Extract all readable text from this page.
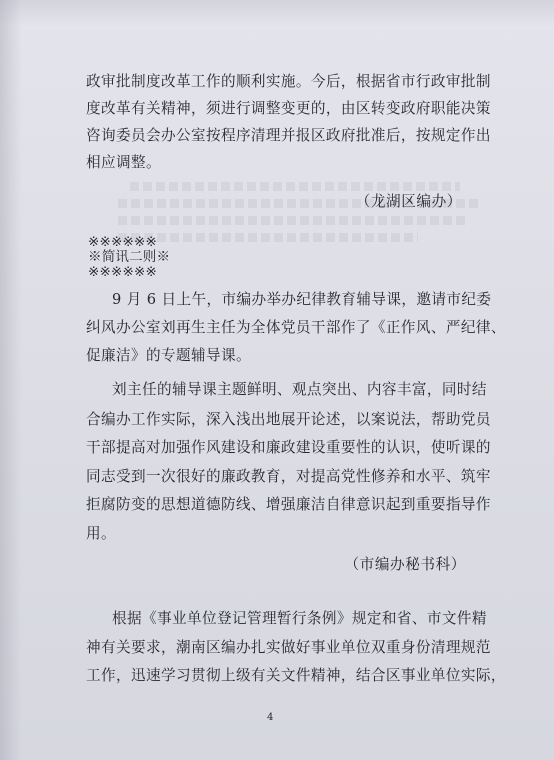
政审批制度改革工作的顺利实施。今后，根据省市行政审批制
度改革有关精神，须进行调整变更的，由区转变政府职能决策
咨询委员会办公室按程序清理并报区政府批准后，按规定作出
相应调整。
（龙湖区编办）
※※※※※※
※简讯二则※
※※※※※※
9 月 6 日上午，市编办举办纪律教育辅导课，邀请市纪委
纠风办公室刘再生主任为全体党员干部作了《正作风、严纪律、
促廉洁》的专题辅导课。
刘主任的辅导课主题鲜明、观点突出、内容丰富，同时结
合编办工作实际，深入浅出地展开论述，以案说法，帮助党员
干部提高对加强作风建设和廉政建设重要性的认识，使听课的
同志受到一次很好的廉政教育，对提高党性修养和水平、筑牢
拒腐防变的思想道德防线、增强廉洁自律意识起到重要指导作
用。
（市编办秘书科）
根据《事业单位登记管理暂行条例》规定和省、市文件精
神有关要求，潮南区编办扎实做好事业单位双重身份清理规范
工作，迅速学习贯彻上级有关文件精神，结合区事业单位实际，
4
